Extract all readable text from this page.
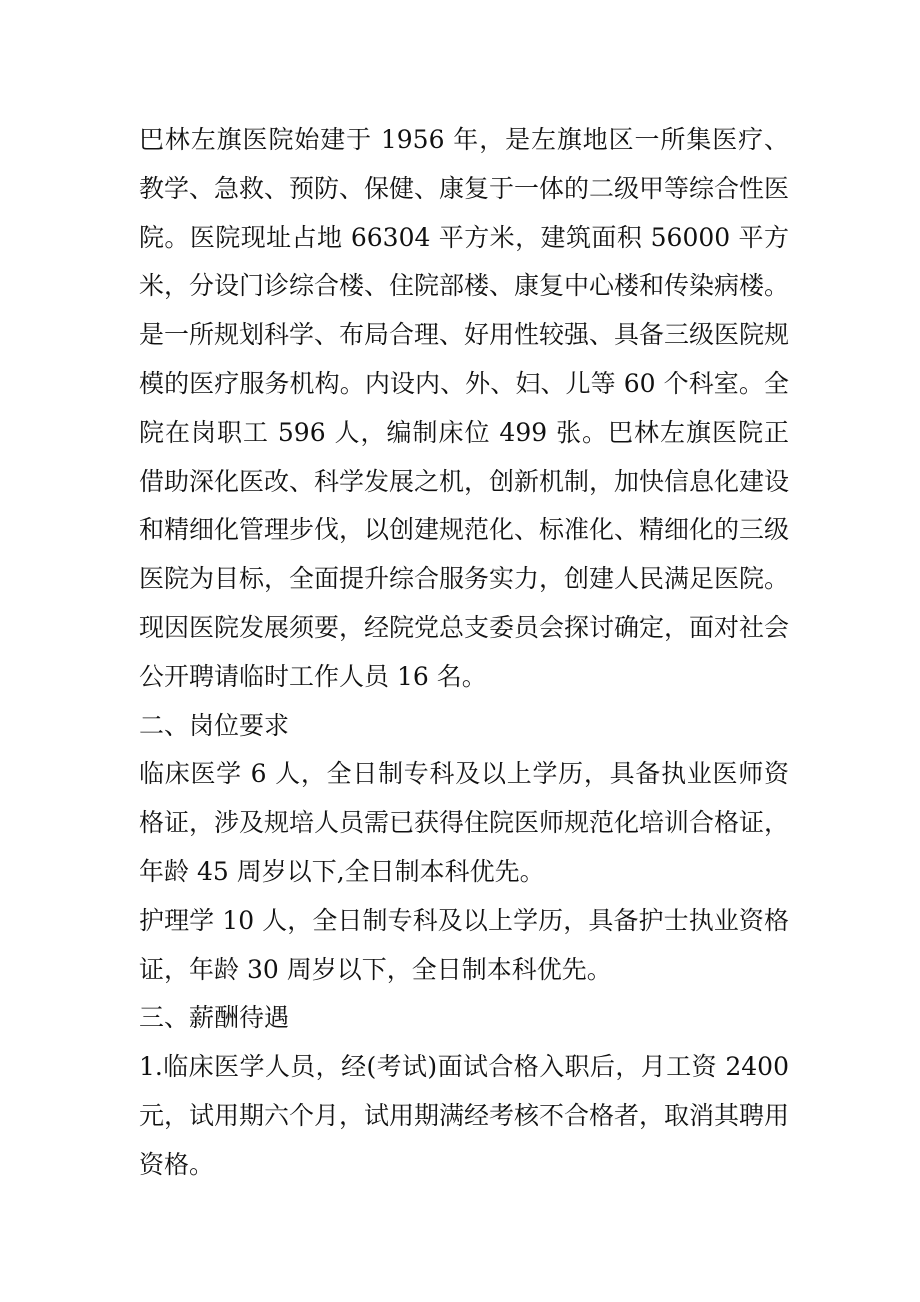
巴林左旗医院始建于 1956 年，是左旗地区一所集医疗、教学、急救、预防、保健、康复于一体的二级甲等综合性医院。医院现址占地 66304 平方米，建筑面积 56000 平方米，分设门诊综合楼、住院部楼、康复中心楼和传染病楼。是一所规划科学、布局合理、好用性较强、具备三级医院规模的医疗服务机构。内设内、外、妇、儿等 60 个科室。全院在岗职工 596 人，编制床位 499 张。巴林左旗医院正借助深化医改、科学发展之机，创新机制，加快信息化建设和精细化管理步伐，以创建规范化、标准化、精细化的三级医院为目标，全面提升综合服务实力，创建人民满足医院。

现因医院发展须要，经院党总支委员会探讨确定，面对社会公开聘请临时工作人员 16 名。

二、岗位要求

临床医学 6 人，全日制专科及以上学历，具备执业医师资格证，涉及规培人员需已获得住院医师规范化培训合格证，年龄 45 周岁以下,全日制本科优先。

护理学 10 人，全日制专科及以上学历，具备护士执业资格证，年龄 30 周岁以下，全日制本科优先。

三、薪酬待遇

1.临床医学人员，经(考试)面试合格入职后，月工资 2400 元，试用期六个月，试用期满经考核不合格者，取消其聘用资格。
